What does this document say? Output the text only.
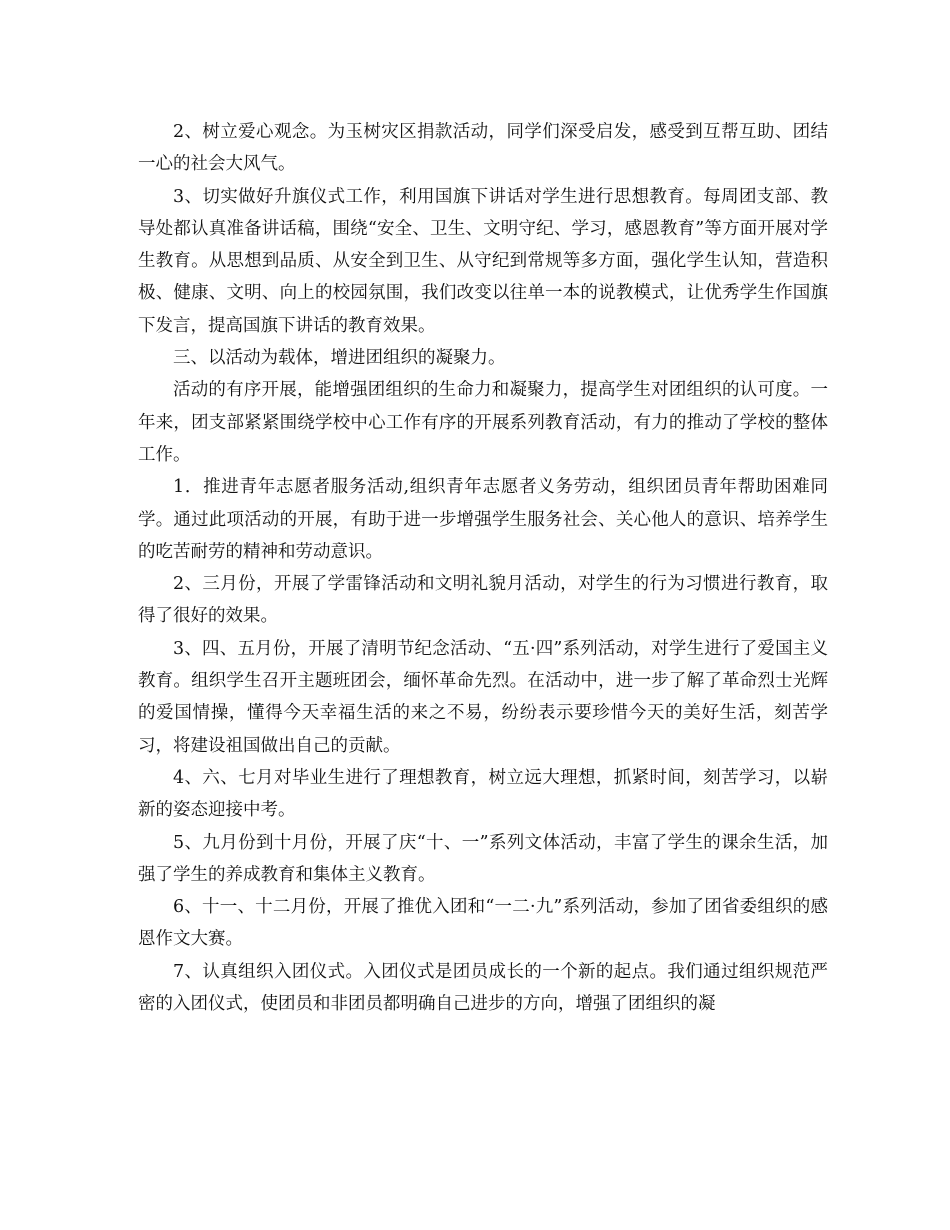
2、树立爱心观念。为玉树灾区捐款活动，同学们深受启发，感受到互帮互助、团结一心的社会大风气。

3、切实做好升旗仪式工作，利用国旗下讲话对学生进行思想教育。每周团支部、教导处都认真准备讲话稿，围绕“安全、卫生、文明守纪、学习，感恩教育”等方面开展对学生教育。从思想到品质、从安全到卫生、从守纪到常规等多方面，强化学生认知，营造积极、健康、文明、向上的校园氛围，我们改变以往单一本的说教模式，让优秀学生作国旗下发言，提高国旗下讲话的教育效果。

三、以活动为载体，增进团组织的凝聚力。

活动的有序开展，能增强团组织的生命力和凝聚力，提高学生对团组织的认可度。一年来，团支部紧紧围绕学校中心工作有序的开展系列教育活动，有力的推动了学校的整体工作。

1．推进青年志愿者服务活动,组织青年志愿者义务劳动，组织团员青年帮助困难同学。通过此项活动的开展，有助于进一步增强学生服务社会、关心他人的意识、培养学生的吃苦耐劳的精神和劳动意识。

2、三月份，开展了学雷锋活动和文明礼貌月活动，对学生的行为习惯进行教育，取得了很好的效果。

3、四、五月份，开展了清明节纪念活动、“五·四”系列活动，对学生进行了爱国主义教育。组织学生召开主题班团会，缅怀革命先烈。在活动中，进一步了解了革命烈士光辉的爱国情操，懂得今天幸福生活的来之不易，纷纷表示要珍惜今天的美好生活，刻苦学习，将建设祖国做出自己的贡献。

4、六、七月对毕业生进行了理想教育，树立远大理想，抓紧时间，刻苦学习，以崭新的姿态迎接中考。

5、九月份到十月份，开展了庆“十、一”系列文体活动，丰富了学生的课余生活，加强了学生的养成教育和集体主义教育。

6、十一、十二月份，开展了推优入团和“一二·九”系列活动，参加了团省委组织的感恩作文大赛。

7、认真组织入团仪式。入团仪式是团员成长的一个新的起点。我们通过组织规范严密的入团仪式，使团员和非团员都明确自己进步的方向，增强了团组织的凝
